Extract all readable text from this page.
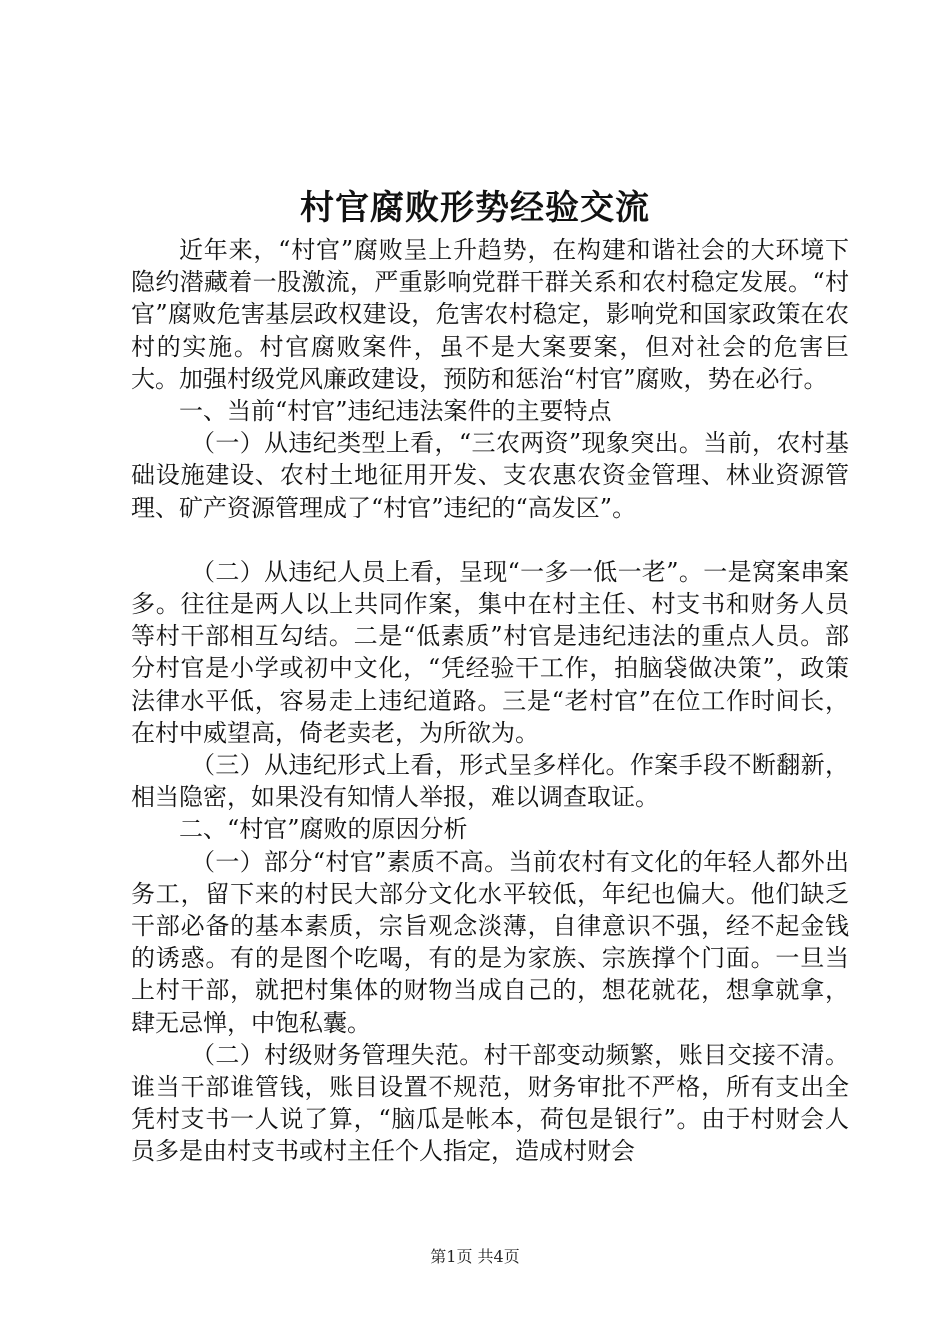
村官腐败形势经验交流

近年来，“村官”腐败呈上升趋势，在构建和谐社会的大环境下隐约潜藏着一股激流，严重影响党群干群关系和农村稳定发展。“村官”腐败危害基层政权建设，危害农村稳定，影响党和国家政策在农村的实施。村官腐败案件，虽不是大案要案，但对社会的危害巨大。加强村级党风廉政建设，预防和惩治“村官”腐败，势在必行。

一、当前“村官”违纪违法案件的主要特点

（一）从违纪类型上看，“三农两资”现象突出。当前，农村基础设施建设、农村土地征用开发、支农惠农资金管理、林业资源管理、矿产资源管理成了“村官”违纪的“高发区”。

（二）从违纪人员上看，呈现“一多一低一老”。一是窝案串案多。往往是两人以上共同作案，集中在村主任、村支书和财务人员等村干部相互勾结。二是“低素质”村官是违纪违法的重点人员。部分村官是小学或初中文化，“凭经验干工作，拍脑袋做决策”，政策法律水平低，容易走上违纪道路。三是“老村官”在位工作时间长，在村中威望高，倚老卖老，为所欲为。

（三）从违纪形式上看，形式呈多样化。作案手段不断翻新，相当隐密，如果没有知情人举报，难以调查取证。

二、“村官”腐败的原因分析

（一）部分“村官”素质不高。当前农村有文化的年轻人都外出务工，留下来的村民大部分文化水平较低，年纪也偏大。他们缺乏干部必备的基本素质，宗旨观念淡薄，自律意识不强，经不起金钱的诱惑。有的是图个吃喝，有的是为家族、宗族撑个门面。一旦当上村干部，就把村集体的财物当成自己的，想花就花，想拿就拿，肆无忌惮，中饱私囊。

（二）村级财务管理失范。村干部变动频繁，账目交接不清。谁当干部谁管钱，账目设置不规范，财务审批不严格，所有支出全凭村支书一人说了算，“脑瓜是帐本，荷包是银行”。由于村财会人员多是由村支书或村主任个人指定，造成村财会

第1页 共4页
